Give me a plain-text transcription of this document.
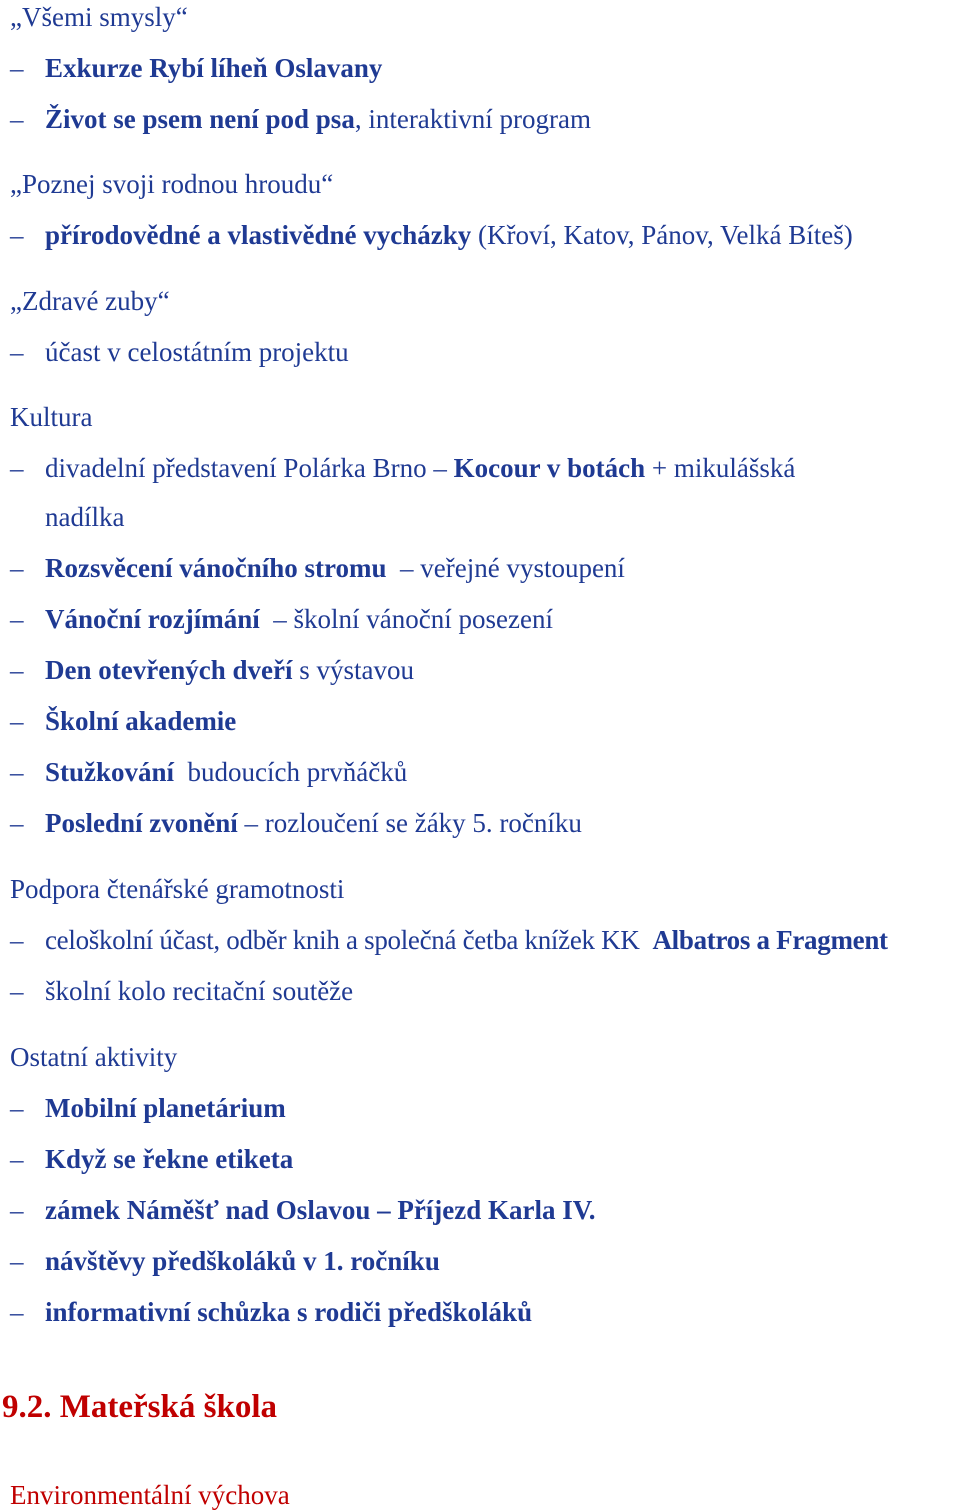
„Všemi smysly“
– Exkurze Rybí líheň Oslavany
– Život se psem není pod psa, interaktivní program
„Poznej svoji rodnou hroudu“
– přírodovědné a vlastivědné vycházky (Křoví, Katov, Pánov, Velká Bíteš)
„Zdravé zuby“
– účast v celostátním projektu
Kultura
– divadelní představení Polárka Brno – Kocour v botách + mikulášská
nadílka
– Rozsvěcení vánočního stromu  – veřejné vystoupení
– Vánoční rozjímání  – školní vánoční posezení
– Den otevřených dveří s výstavou
– Školní akademie
– Stužkování  budoucích prvňáčků
– Poslední zvonění – rozloučení se žáky 5. ročníku
Podpora čtenářské gramotnosti
– celoškolní účast, odběr knih a společná četba knížek KK  Albatros a Fragment
– školní kolo recitační soutěže
Ostatní aktivity
– Mobilní planetárium
– Když se řekne etiketa
– zámek Náměšť nad Oslavou – Příjezd Karla IV.
– návštěvy předškoláků v 1. ročníku
– informativní schůzka s rodiči předškoláků
9.2. Mateřská škola
Environmentální výchova
